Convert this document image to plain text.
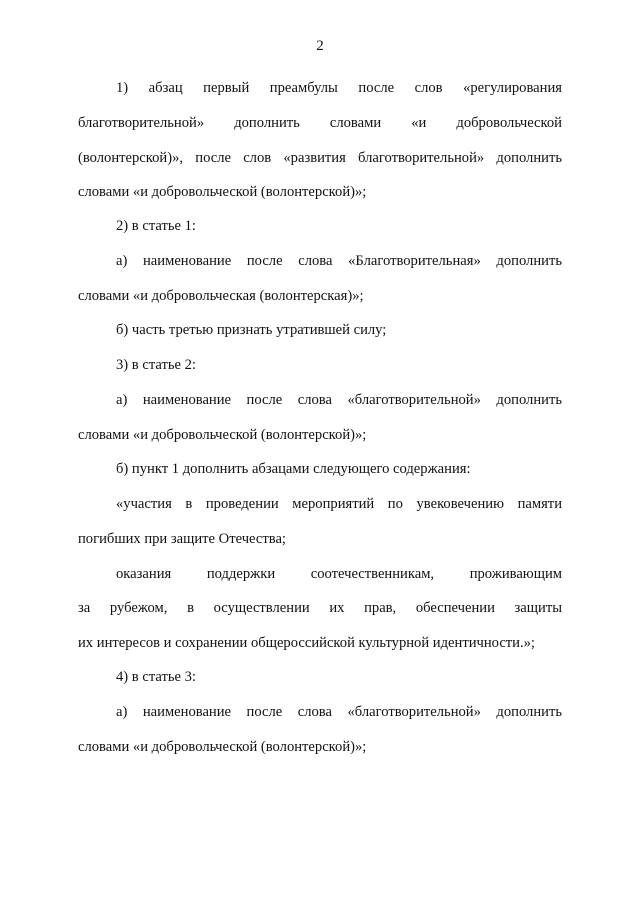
2

1) абзац первый преамбулы после слов «регулирования

благотворительной» дополнить словами «и добровольческой

(волонтерской)», после слов «развития благотворительной» дополнить

словами «и добровольческой (волонтерской)»;

2) в статье 1:

а) наименование после слова «Благотворительная» дополнить

словами «и добровольческая (волонтерская)»;

б) часть третью признать утратившей силу;

3) в статье 2:

а) наименование после слова «благотворительной» дополнить

словами «и добровольческой (волонтерской)»;

б) пункт 1 дополнить абзацами следующего содержания:

«участия в проведении мероприятий по увековечению памяти

погибших при защите Отечества;

оказания поддержки соотечественникам, проживающим

за рубежом, в осуществлении их прав, обеспечении защиты

их интересов и сохранении общероссийской культурной идентичности.»;

4) в статье 3:

а) наименование после слова «благотворительной» дополнить

словами «и добровольческой (волонтерской)»;
